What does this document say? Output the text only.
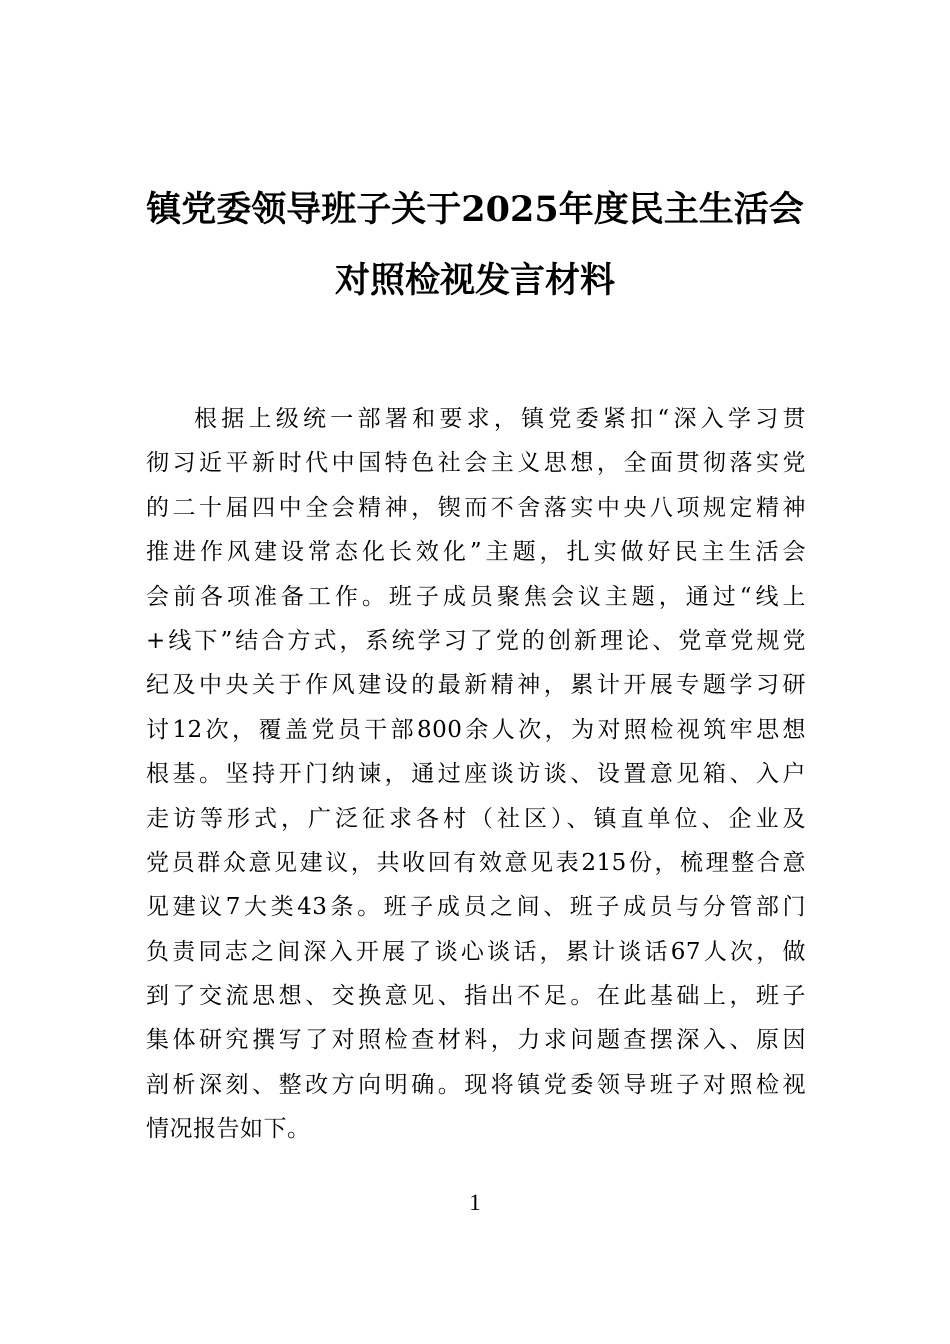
镇党委领导班子关于2025年度民主生活会
对照检视发言材料
根据上级统一部署和要求，镇党委紧扣“深入学习贯
彻习近平新时代中国特色社会主义思想，全面贯彻落实党
的二十届四中全会精神，锲而不舍落实中央八项规定精神
推进作风建设常态化长效化”主题，扎实做好民主生活会
会前各项准备工作。班子成员聚焦会议主题，通过“线上
+线下”结合方式，系统学习了党的创新理论、党章党规党
纪及中央关于作风建设的最新精神，累计开展专题学习研
讨12次，覆盖党员干部800余人次，为对照检视筑牢思想
根基。坚持开门纳谏，通过座谈访谈、设置意见箱、入户
走访等形式，广泛征求各村（社区）、镇直单位、企业及
党员群众意见建议，共收回有效意见表215份，梳理整合意
见建议7大类43条。班子成员之间、班子成员与分管部门
负责同志之间深入开展了谈心谈话，累计谈话67人次，做
到了交流思想、交换意见、指出不足。在此基础上，班子
集体研究撰写了对照检查材料，力求问题查摆深入、原因
剖析深刻、整改方向明确。现将镇党委领导班子对照检视
情况报告如下。
1
